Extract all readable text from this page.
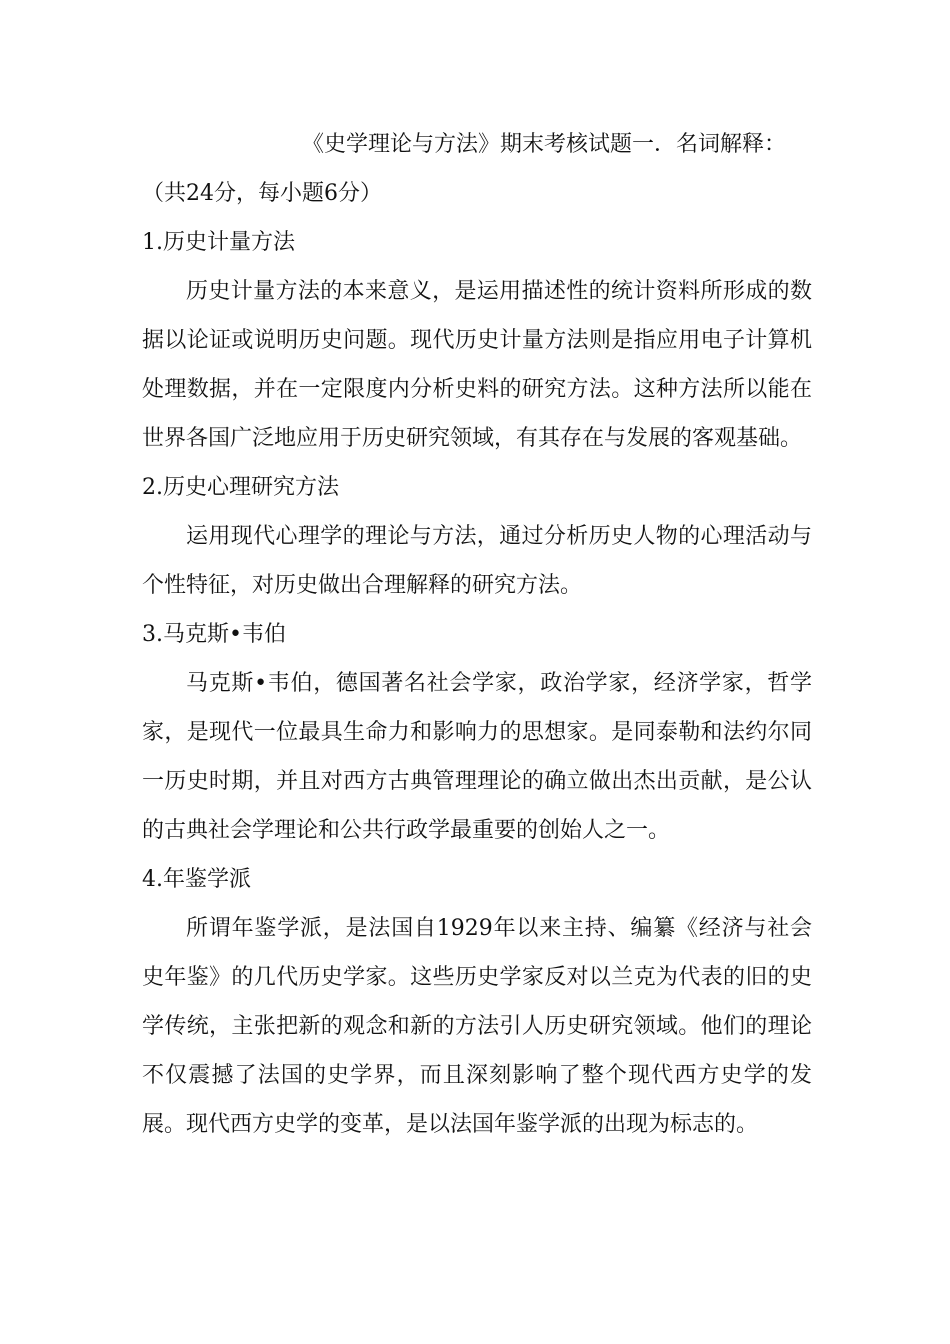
《史学理论与方法》期末考核试题一．名词解释：
（共24分，每小题6分）
1.历史计量方法

历史计量方法的本来意义，是运用描述性的统计资料所形成的数据以论证或说明历史问题。现代历史计量方法则是指应用电子计算机处理数据，并在一定限度内分析史料的研究方法。这种方法所以能在世界各国广泛地应用于历史研究领域，有其存在与发展的客观基础。

2.历史心理研究方法

运用现代心理学的理论与方法，通过分析历史人物的心理活动与个性特征，对历史做出合理解释的研究方法。

3.马克斯•韦伯

马克斯•韦伯，德国著名社会学家，政治学家，经济学家，哲学家，是现代一位最具生命力和影响力的思想家。是同泰勒和法约尔同一历史时期，并且对西方古典管理理论的确立做出杰出贡献，是公认的古典社会学理论和公共行政学最重要的创始人之一。

4.年鉴学派

所谓年鉴学派，是法国自1929年以来主持、编纂《经济与社会史年鉴》的几代历史学家。这些历史学家反对以兰克为代表的旧的史学传统，主张把新的观念和新的方法引人历史研究领域。他们的理论不仅震撼了法国的史学界，而且深刻影响了整个现代西方史学的发展。现代西方史学的变革，是以法国年鉴学派的出现为标志的。
